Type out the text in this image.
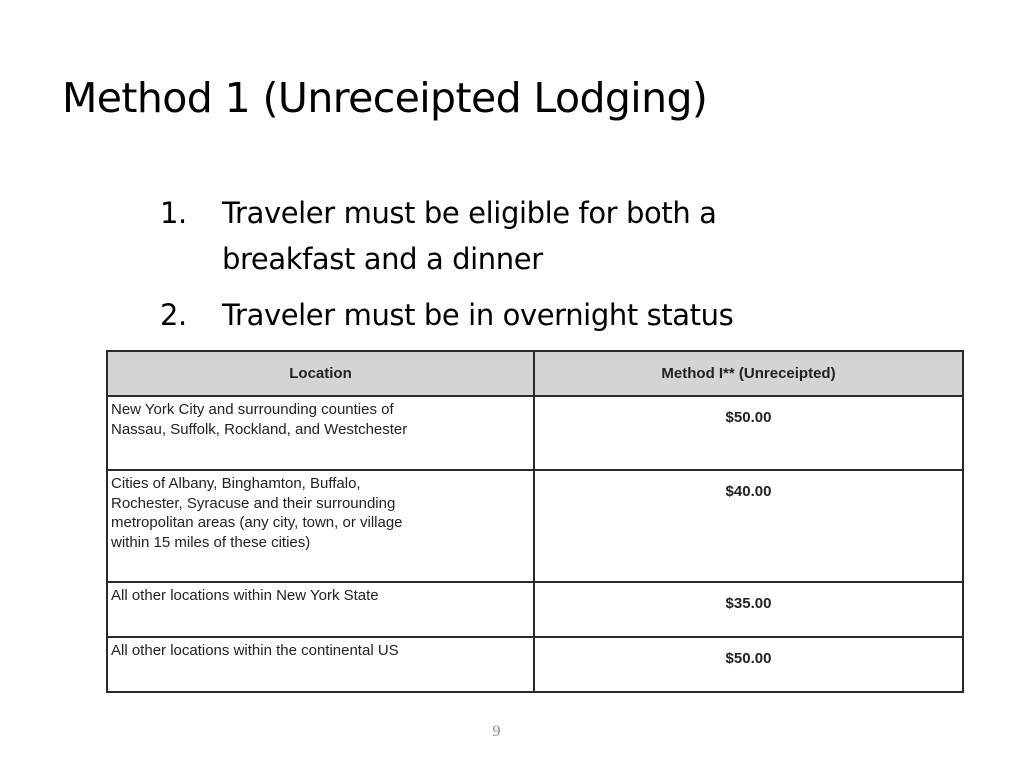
Method 1 (Unreceipted Lodging)
1.	Traveler must be eligible for both a breakfast and a dinner
2.	Traveler must be in overnight status
Location	Method I** (Unreceipted)

New York City and surrounding counties of Nassau, Suffolk, Rockland, and Westchester	$50.00

Cities of Albany, Binghamton, Buffalo, Rochester, Syracuse and their surrounding metropolitan areas (any city, town, or village within 15 miles of these cities)	$40.00

All other locations within New York State	$35.00

All other locations within the continental US	$50.00
9
